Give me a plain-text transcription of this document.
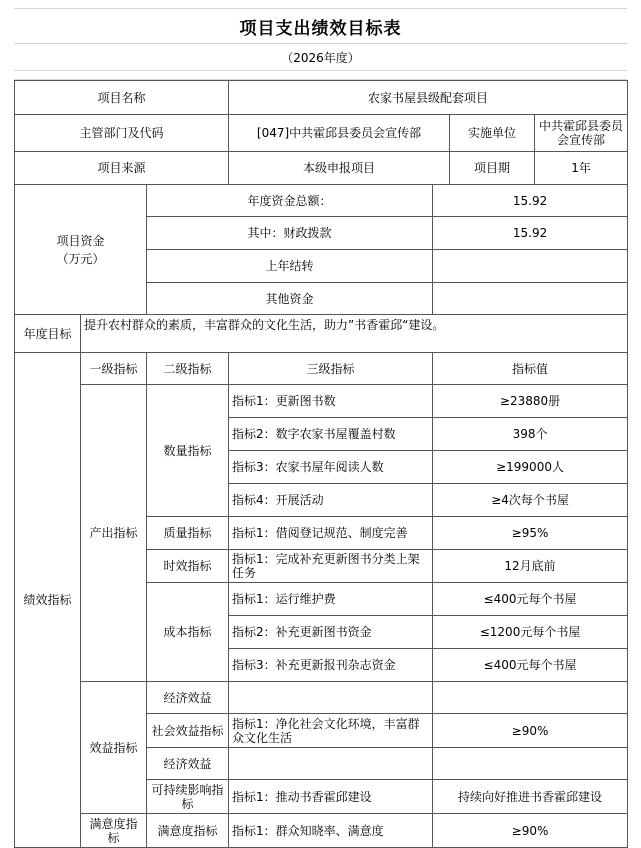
项目支出绩效目标表
（2026年度）
项目名称			农家书屋县级配套项目	
主管部门及代码			[047]中共霍邱县委员会宣传部 实施单位 中共霍邱县委员会宣传部	

项目来源			本级申报项目 项目期 1年	

项目资金
（万元）		年度资金总额：		15.92
		其中：财政拨款		15.92
		上年结转		
		其他资金		
年度目标	提升农村群众的素质，丰富群众的文化生活，助力”书香霍邱“建设。			
绩效指标	一级指标	二级指标	三级指标	指标值
	产出指标	数量指标	指标1：更新图书数	≥23880册
			指标2：数字农家书屋覆盖村数	398个
			指标3：农家书屋年阅读人数	≥199000人
			指标4：开展活动	≥4次每个书屋
		质量指标	指标1：借阅登记规范、制度完善	≥95%
		时效指标	指标1：完成补充更新图书分类上架任务	12月底前
		成本指标	指标1：运行维护费	≤400元每个书屋
			指标2：补充更新图书资金	≤1200元每个书屋
			指标3：补充更新报刊杂志资金	≤400元每个书屋
	效益指标	经济效益		
		社会效益指标	指标1：净化社会文化环境，丰富群众文化生活	≥90%
		经济效益		
		可持续影响指标	指标1：推动书香霍邱建设	持续向好推进书香霍邱建设
	满意度指标	满意度指标	指标1：群众知晓率、满意度	≥90%
